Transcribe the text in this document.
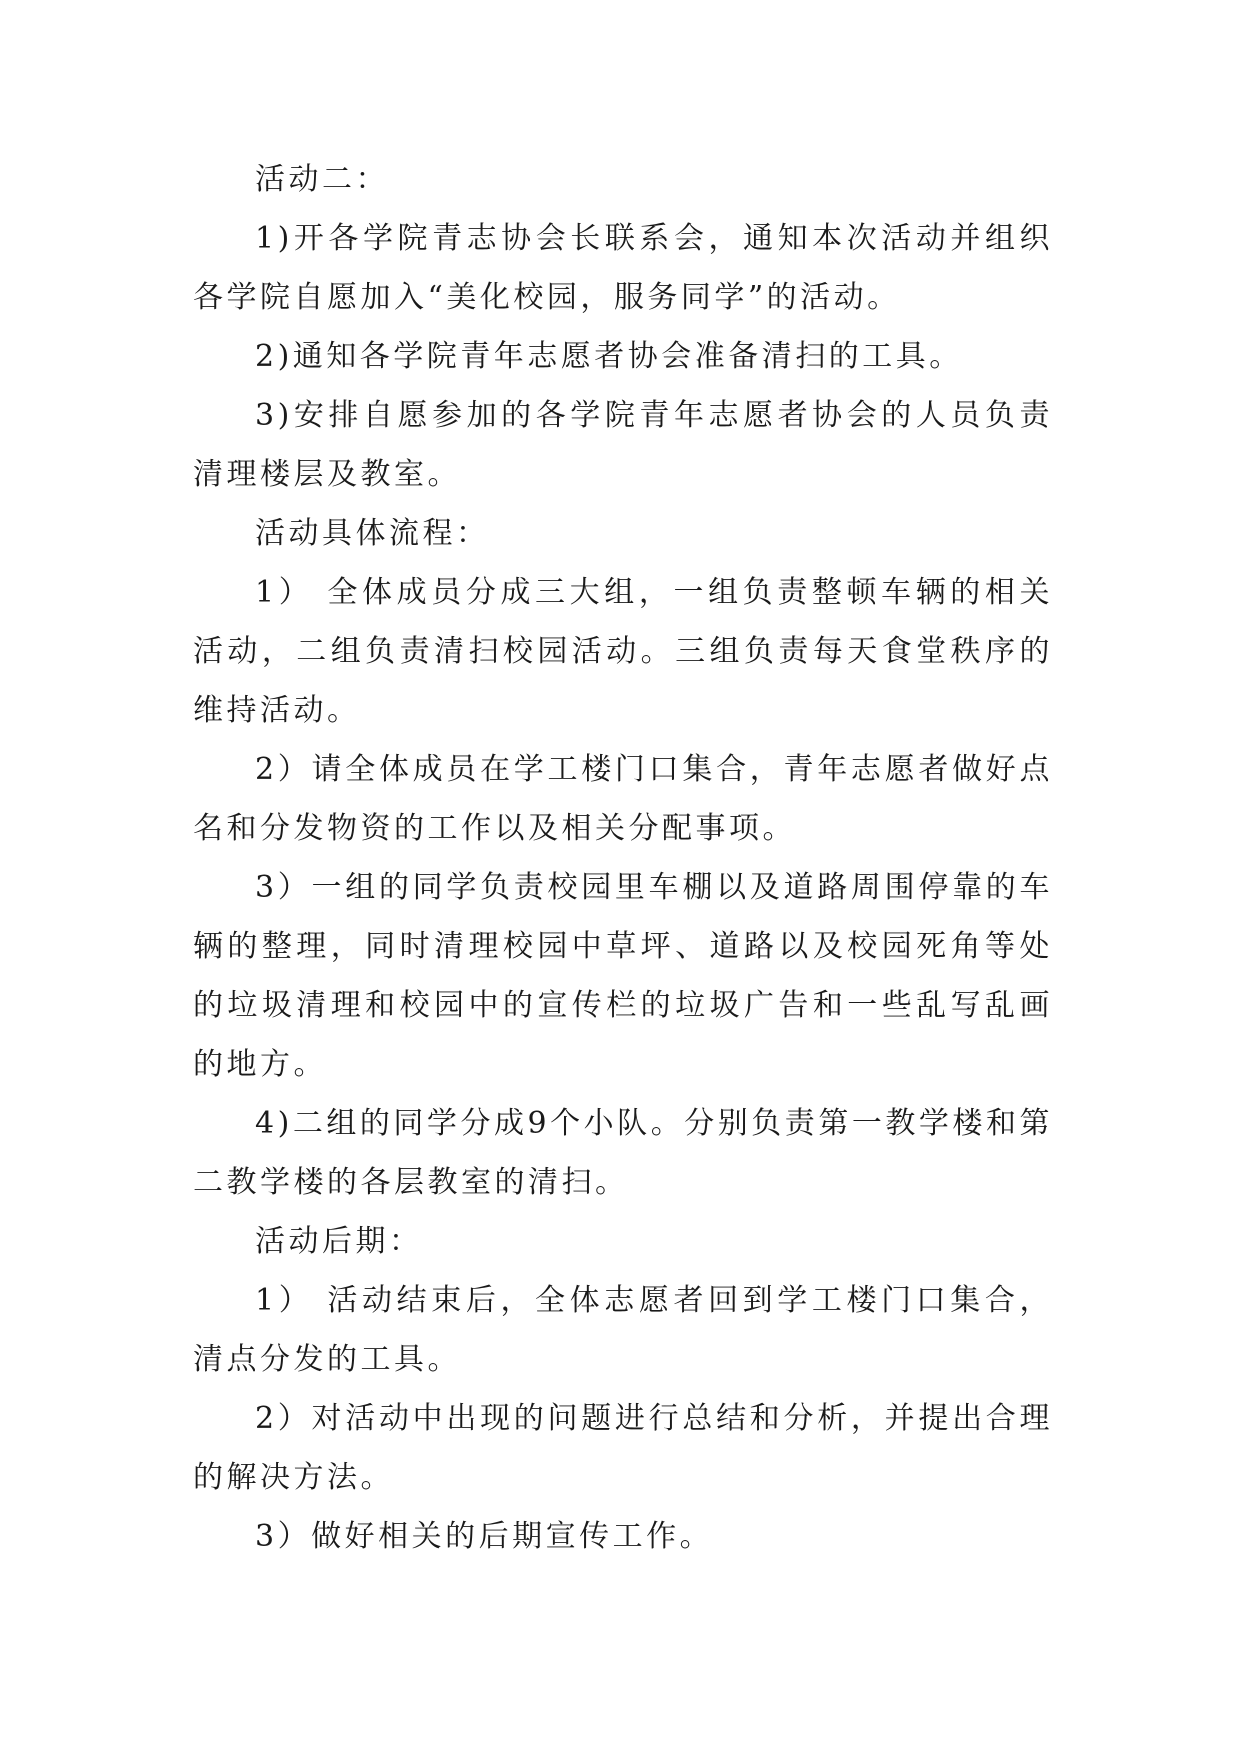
活动二：

1)开各学院青志协会长联系会，通知本次活动并组织各学院自愿加入“美化校园，服务同学”的活动。

2)通知各学院青年志愿者协会准备清扫的工具。

3)安排自愿参加的各学院青年志愿者协会的人员负责清理楼层及教室。

活动具体流程：

1） 全体成员分成三大组，一组负责整顿车辆的相关活动，二组负责清扫校园活动。三组负责每天食堂秩序的维持活动。

2）请全体成员在学工楼门口集合，青年志愿者做好点名和分发物资的工作以及相关分配事项。

3）一组的同学负责校园里车棚以及道路周围停靠的车辆的整理，同时清理校园中草坪、道路以及校园死角等处的垃圾清理和校园中的宣传栏的垃圾广告和一些乱写乱画的地方。

4)二组的同学分成9个小队。分别负责第一教学楼和第二教学楼的各层教室的清扫。

活动后期：

1） 活动结束后，全体志愿者回到学工楼门口集合，清点分发的工具。

2）对活动中出现的问题进行总结和分析，并提出合理的解决方法。

3）做好相关的后期宣传工作。
